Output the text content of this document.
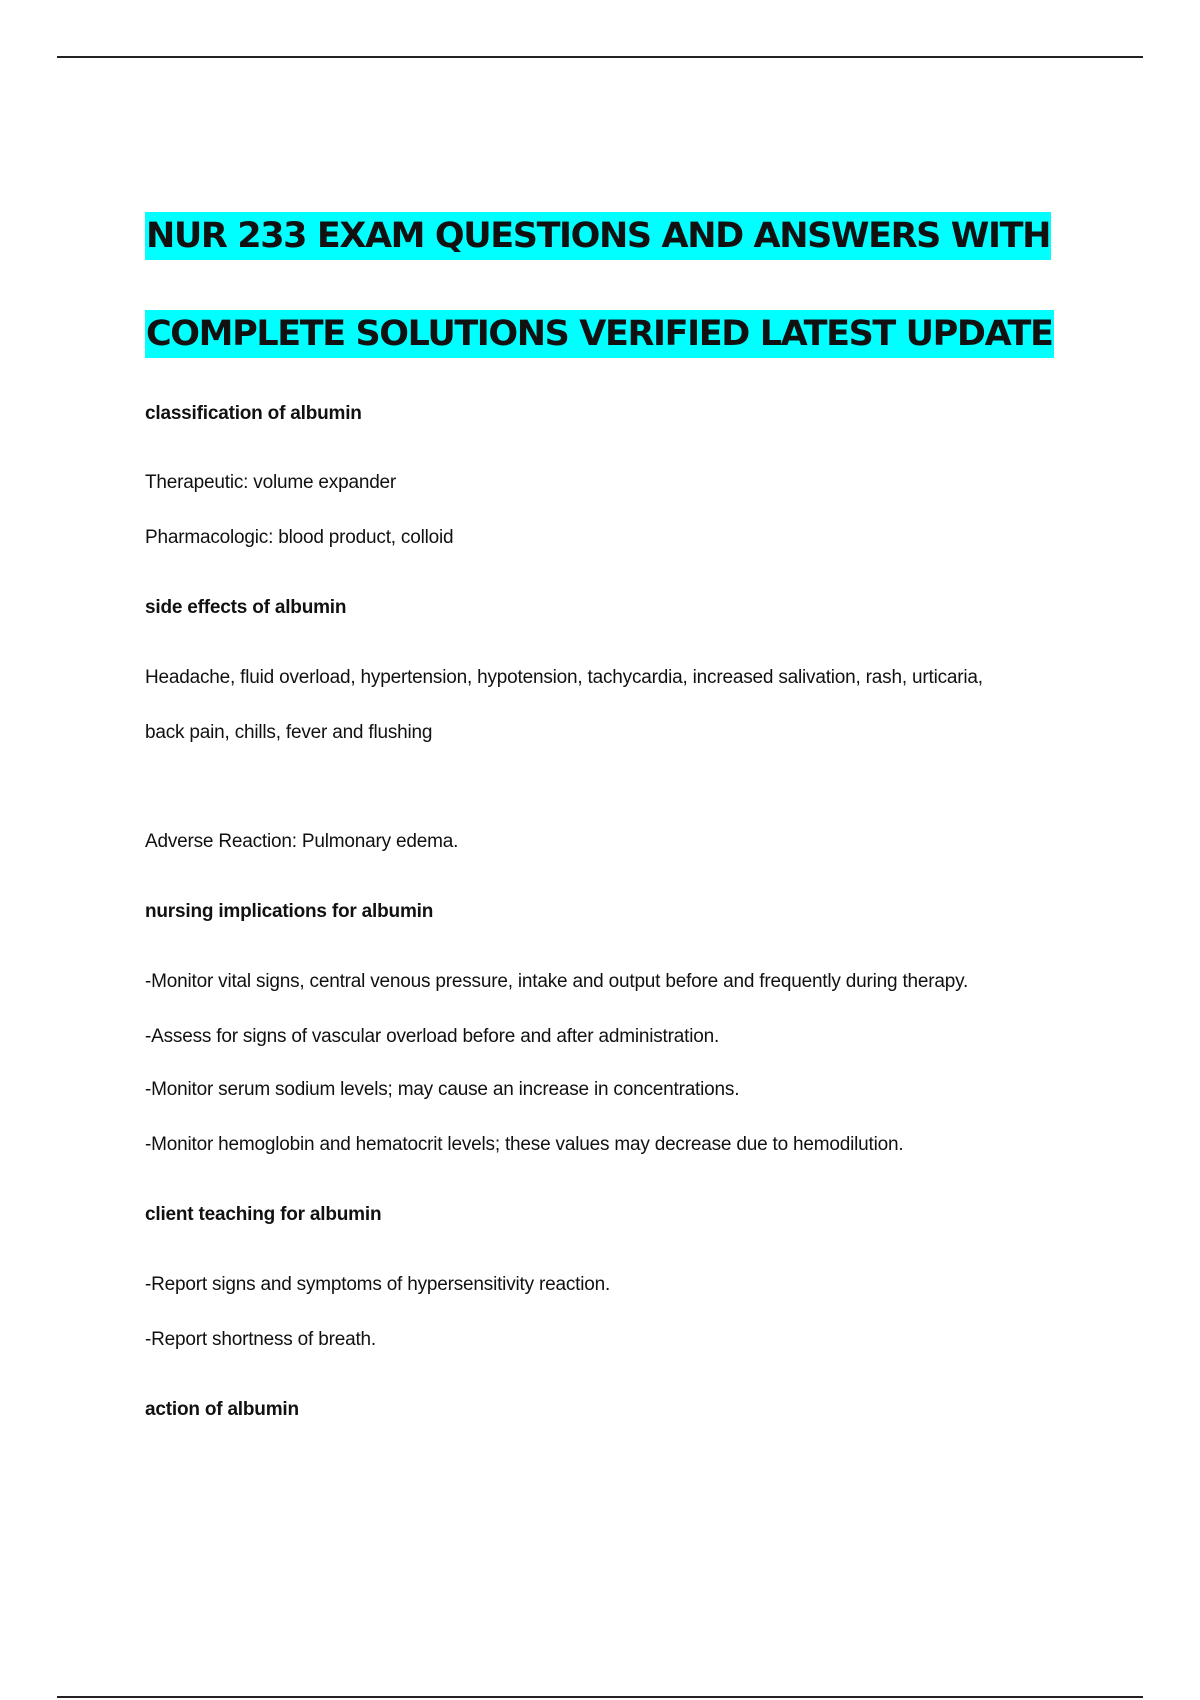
NUR 233 EXAM QUESTIONS AND ANSWERS WITH
COMPLETE SOLUTIONS VERIFIED LATEST UPDATE
classification of albumin
Therapeutic: volume expander
Pharmacologic: blood product, colloid
side effects of albumin
Headache, fluid overload, hypertension, hypotension, tachycardia, increased salivation, rash, urticaria,
back pain, chills, fever and flushing
Adverse Reaction: Pulmonary edema.
nursing implications for albumin
-Monitor vital signs, central venous pressure, intake and output before and frequently during therapy.
-Assess for signs of vascular overload before and after administration.
-Monitor serum sodium levels; may cause an increase in concentrations.
-Monitor hemoglobin and hematocrit levels; these values may decrease due to hemodilution.
client teaching for albumin
-Report signs and symptoms of hypersensitivity reaction.
-Report shortness of breath.
action of albumin
